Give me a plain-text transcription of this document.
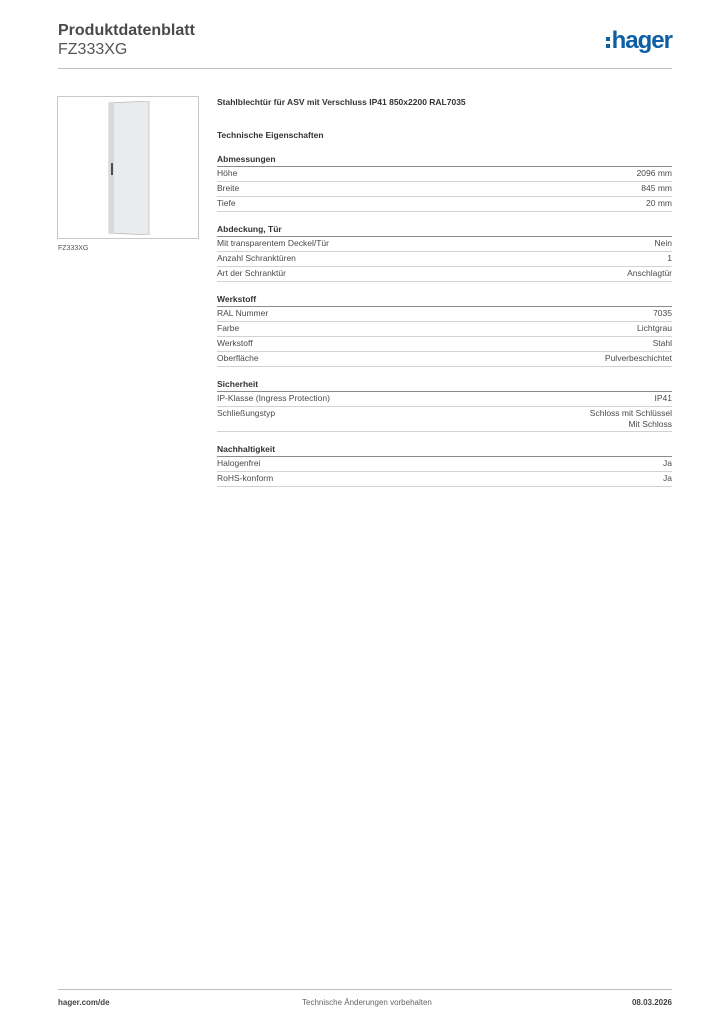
Produktdatenblatt
FZ333XG	hager
FZ333XG
Stahlblechtür für ASV mit Verschluss IP41 850x2200 RAL7035
Technische Eigenschaften
Abmessungen
Höhe	2096 mm
Breite	845 mm
Tiefe	20 mm
Abdeckung, Tür
Mit transparentem Deckel/Tür	Nein
Anzahl Schranktüren	1
Art der Schranktür	Anschlagtür
Werkstoff
RAL Nummer	7035
Farbe	Lichtgrau
Werkstoff	Stahl
Oberfläche	Pulverbeschichtet
Sicherheit
IP-Klasse (Ingress Protection)	IP41
Schließungstyp	Schloss mit Schlüssel
Mit Schloss
Nachhaltigkeit
Halogenfrei	Ja
RoHS-konform	Ja
hager.com/de	Technische Änderungen vorbehalten	08.03.2026
